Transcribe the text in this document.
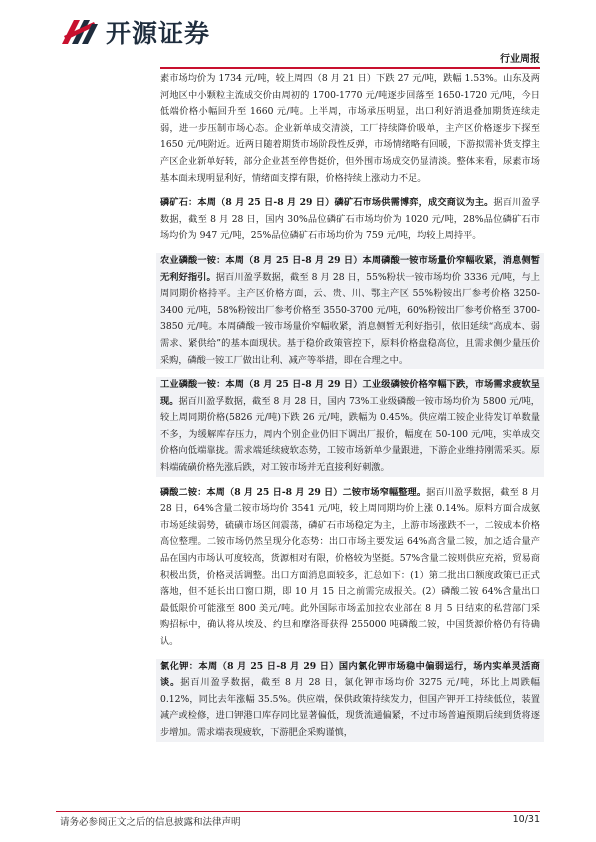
开源证券
行业周报

素市场均价为 1734 元/吨，较上周四（8 月 21 日）下跌 27 元/吨，跌幅 1.53%。山东及两河地区中小颗粒主流成交价由周初的 1700-1770 元/吨逐步回落至 1650-1720 元/吨，今日低端价格小幅回升至 1660 元/吨。上半周，市场承压明显，出口利好消退叠加期货连续走弱，进一步压制市场心态。企业新单成交清淡，工厂持续降价吸单，主产区价格逐步下探至 1650 元/吨附近。近两日随着期货市场阶段性反弹，市场情绪略有回暖，下游拟需补货支撑主产区企业新单好转，部分企业甚至停售挺价，但外围市场成交仍显清淡。整体来看，尿素市场基本面未现明显利好，情绪面支撑有限，价格持续上涨动力不足。

磷矿石：本周（8 月 25 日-8 月 29 日）磷矿石市场供需博弈，成交商议为主。据百川盈孚数据，截至 8 月 28 日，国内 30%品位磷矿石市场均价为 1020 元/吨，28%品位磷矿石市场均价为 947 元/吨，25%品位磷矿石市场均价为 759 元/吨，均较上周持平。

农业磷酸一铵：本周（8 月 25 日-8 月 29 日）本周磷酸一铵市场量价窄幅收紧，消息侧暂无利好指引。据百川盈孚数据，截至 8 月 28 日，55%粉状一铵市场均价 3336 元/吨，与上周同期价格持平。主产区价格方面，云、贵、川、鄂主产区 55%粉铵出厂参考价格 3250-3400 元/吨，58%粉铵出厂参考价格至 3550-3700 元/吨，60%粉铵出厂参考价格至 3700-3850 元/吨。本周磷酸一铵市场量价窄幅收紧，消息侧暂无利好指引，依旧延续“高成本、弱需求、紧供给”的基本面现状。基于稳价政策管控下，原料价格盘稳高位，且需求侧少量压价采购，磷酸一铵工厂做出让利、减产等举措，即在合理之中。

工业磷酸一铵：本周（8 月 25 日-8 月 29 日）工业级磷铵价格窄幅下跌，市场需求疲软呈现。据百川盈孚数据，截至 8 月 28 日，国内 73%工业级磷酸一铵市场均价为 5800 元/吨，较上周同期价格(5826 元/吨)下跌 26 元/吨，跌幅为 0.45%。供应端工铵企业待发订单数量不多，为缓解库存压力，周内个别企业仍旧下调出厂报价，幅度在 50-100 元/吨，实单成交价格向低端靠拢。需求端延续疲软态势，工铵市场新单少量跟进，下游企业维持刚需采买。原料端硫磺价格先涨后跌，对工铵市场并无直接利好刺激。

磷酸二铵：本周（8 月 25 日-8 月 29 日）二铵市场窄幅整理。据百川盈孚数据，截至 8 月 28 日，64%含量二铵市场均价 3541 元/吨，较上周同期均价上涨 0.14%。原料方面合成氨市场延续弱势，硫磺市场区间震荡，磷矿石市场稳定为主，上游市场涨跌不一，二铵成本价格高位整理。二铵市场仍然呈现分化态势：出口市场主要发运 64%高含量二铵，加之适合量产品在国内市场认可度较高，货源相对有限，价格较为坚挺。57%含量二铵则供应充裕，贸易商积极出货，价格灵活调整。出口方面消息面较多，汇总如下：(1）第二批出口额度政策已正式落地，但不延长出口窗口期，即 10 月 15 日之前需完成报关。(2）磷酸二铵 64%含量出口最低限价可能涨至 800 美元/吨。此外国际市场孟加拉农业部在 8 月 5 日结束的私营部门采购招标中，确认将从埃及、约旦和摩洛哥获得 255000 吨磷酸二铵，中国货源价格仍有待确认。

氯化钾：本周（8 月 25 日-8 月 29 日）国内氯化钾市场稳中偏弱运行，场内实单灵活商谈。据百川盈孚数据，截至 8 月 28 日，氯化钾市场均价 3275 元/吨，环比上周跌幅 0.12%，同比去年涨幅 35.5%。供应端，保供政策持续发力，但国产钾开工持续低位，装置减产或检修，进口钾港口库存同比显著偏低，现货流通偏紧，不过市场普遍预期后续到货将逐步增加。需求端表现疲软，下游肥企采购谨慎，

请务必参阅正文之后的信息披露和法律声明	10/31
